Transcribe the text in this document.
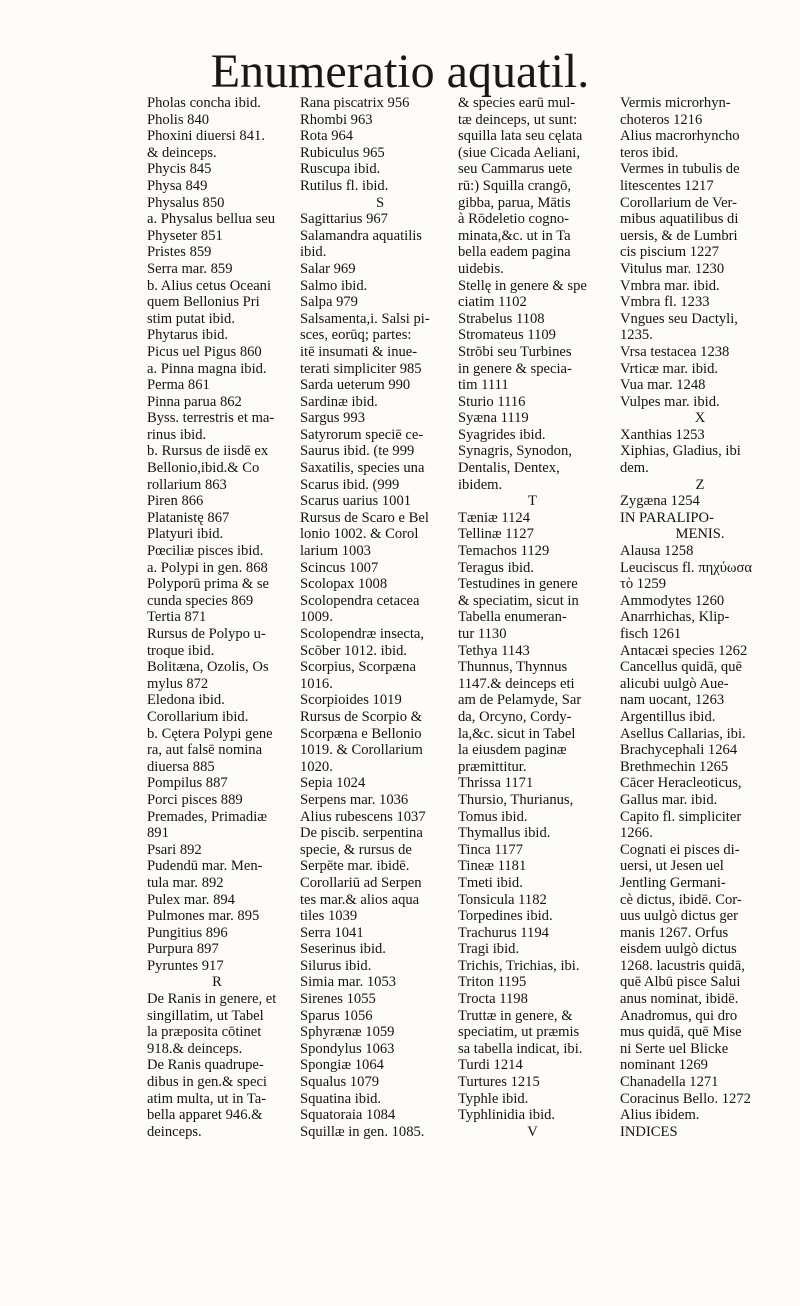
Enumeratio aquatil.
Pholas concha ibid.
Pholis 840
Phoxini diuersi 841.
& deinceps.
Phycis 845
Physa 849
Physalus 850
a. Physalus bellua seu
Physeter 851
Pristes 859
Serra mar. 859
b. Alius cetus Oceani
quem Bellonius Pri
stim putat ibid.
Phytarus ibid.
Picus uel Pigus 860
a. Pinna magna ibid.
Perma 861
Pinna parua 862
Byss. terrestris et ma-
rinus ibid.
b. Rursus de iisdē ex
Bellonio,ibid.& Co
rollarium 863
Piren 866
Platanistę 867
Platyuri ibid.
Pœciliæ pisces ibid.
a. Polypi in gen. 868
Polyporū prima & se
cunda species 869
Tertia 871
Rursus de Polypo u-
troque ibid.
Bolitæna, Ozolis, Os
mylus 872
Eledona ibid.
Corollarium ibid.
b. Cętera Polypi gene
ra, aut falsē nomina
diuersa 885
Pompilus 887
Porci pisces 889
Premades, Primadiæ
891
Psari 892
Pudendū mar. Men-
tula mar. 892
Pulex mar. 894
Pulmones mar. 895
Pungitius 896
Purpura 897
Pyruntes 917
R
De Ranis in genere, et
singillatim, ut Tabel
la præposita cōtinet
918.& deinceps.
De Ranis quadrupe-
dibus in gen.& speci
atim multa, ut in Ta-
bella apparet 946.&
deinceps.
Rana piscatrix 956
Rhombi 963
Rota 964
Rubiculus 965
Ruscupa ibid.
Rutilus fl. ibid.
S
Sagittarius 967
Salamandra aquatilis
ibid.
Salar 969
Salmo ibid.
Salpa 979
Salsamenta,i. Salsi pi-
sces, eorūq; partes:
itē insumati & inue-
terati simpliciter 985
Sarda ueterum 990
Sardinæ ibid.
Sargus 993
Satyrorum speciē ce-
Saurus ibid. (te 999
Saxatilis, species una
Scarus ibid. (999
Scarus uarius 1001
Rursus de Scaro e Bel
lonio 1002. & Corol
larium 1003
Scincus 1007
Scolopax 1008
Scolopendra cetacea
1009.
Scolopendræ insecta,
Scōber 1012. ibid.
Scorpius, Scorpæna
1016.
Scorpioides 1019
Rursus de Scorpio &
Scorpæna e Bellonio
1019. & Corollarium
1020.
Sepia 1024
Serpens mar. 1036
Alius rubescens 1037
De piscib. serpentina
specie, & rursus de
Serpēte mar. ibidē.
Corollariū ad Serpen
tes mar.& alios aqua
tiles 1039
Serra 1041
Seserinus ibid.
Silurus ibid.
Simia mar. 1053
Sirenes 1055
Sparus 1056
Sphyrænæ 1059
Spondylus 1063
Spongiæ 1064
Squalus 1079
Squatina ibid.
Squatoraia 1084
Squillæ in gen. 1085.
& species earū mul-
tæ deinceps, ut sunt:
squilla lata seu cęlata
(siue Cicada Aeliani,
seu Cammarus uete
rū:) Squilla crangō,
gibba, parua, Mātis
à Rōdeletio cogno-
minata,&c. ut in Ta
bella eadem pagina
uidebis.
Stellę in genere & spe
ciatim 1102
Strabelus 1108
Stromateus 1109
Strōbi seu Turbines
in genere & specia-
tim 1111
Sturio 1116
Syæna 1119
Syagrides ibid.
Synagris, Synodon,
Dentalis, Dentex,
ibidem.
T
Tæniæ 1124
Tellinæ 1127
Temachos 1129
Teragus ibid.
Testudines in genere
& speciatim, sicut in
Tabella enumeran-
tur 1130
Tethya 1143
Thunnus, Thynnus
1147.& deinceps eti
am de Pelamyde, Sar
da, Orcyno, Cordy-
la,&c. sicut in Tabel
la eiusdem paginæ
præmittitur.
Thrissa 1171
Thursio, Thurianus,
Tomus ibid.
Thymallus ibid.
Tinca 1177
Tineæ 1181
Tmeti ibid.
Tonsicula 1182
Torpedines ibid.
Trachurus 1194
Tragi ibid.
Trichis, Trichias, ibi.
Triton 1195
Trocta 1198
Truttæ in genere, &
speciatim, ut præmis
sa tabella indicat, ibi.
Turdi 1214
Turtures 1215
Typhle ibid.
Typhlinidia ibid.
V
Vermis microrhyn-
choteros 1216
Alius macrorhyncho
teros ibid.
Vermes in tubulis de
litescentes 1217
Corollarium de Ver-
mibus aquatilibus di
uersis, & de Lumbri
cis piscium 1227
Vitulus mar. 1230
Vmbra mar. ibid.
Vmbra fl. 1233
Vngues seu Dactyli,
1235.
Vrsa testacea 1238
Vrticæ mar. ibid.
Vua mar. 1248
Vulpes mar. ibid.
X
Xanthias 1253
Xiphias, Gladius, ibi
dem.
Z
Zygæna 1254
IN PARALIPO-
MENIS.
Alausa 1258
Leuciscus fl. πηχύωσα
τὸ 1259
Ammodytes 1260
Anarrhichas, Klip-
fisch 1261
Antacæi species 1262
Cancellus quidā, quē
alicubi uulgò Aue-
nam uocant, 1263
Argentillus ibid.
Asellus Callarias, ibi.
Brachycephali 1264
Brethmechin 1265
Cācer Heracleoticus,
Gallus mar. ibid.
Capito fl. simpliciter
1266.
Cognati ei pisces di-
uersi, ut Jesen uel
Jentling Germani-
cè dictus, ibidē. Cor-
uus uulgò dictus ger
manis 1267. Orfus
eisdem uulgò dictus
1268. lacustris quidā,
quē Albū pisce Salui
anus nominat, ibidē.
Anadromus, qui dro
mus quidā, quē Mise
ni Serte uel Blicke
nominant 1269
Chanadella 1271
Coracinus Bello. 1272
Alius ibidem.
INDICES
